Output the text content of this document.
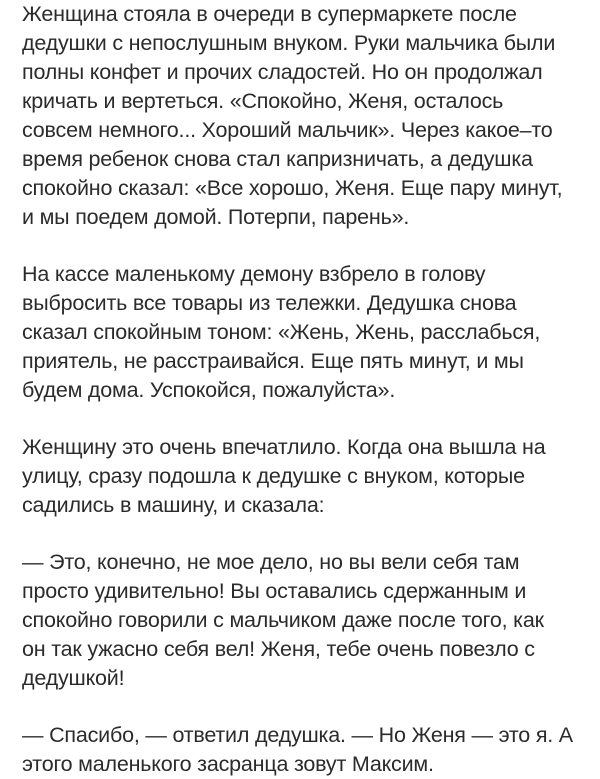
Женщина стояла в очереди в супермаркете после
дедушки с непослушным внуком. Руки мальчика были
полны конфет и прочих сладостей. Но он продолжал
кричать и вертеться. «Спокойно, Женя, осталось
совсем немного... Хороший мальчик». Через какое–то
время ребенок снова стал капризничать, а дедушка
спокойно сказал: «Все хорошо, Женя. Еще пару минут,
и мы поедем домой. Потерпи, парень».

На кассе маленькому демону взбрело в голову
выбросить все товары из тележки. Дедушка снова
сказал спокойным тоном: «Жень, Жень, расслабься,
приятель, не расстраивайся. Еще пять минут, и мы
будем дома. Успокойся, пожалуйста».

Женщину это очень впечатлило. Когда она вышла на
улицу, сразу подошла к дедушке с внуком, которые
садились в машину, и сказала:

— Это, конечно, не мое дело, но вы вели себя там
просто удивительно! Вы оставались сдержанным и
спокойно говорили с мальчиком даже после того, как
он так ужасно себя вел! Женя, тебе очень повезло с
дедушкой!

— Спасибо, — ответил дедушка. — Но Женя — это я. А
этого маленького засранца зовут Максим.
